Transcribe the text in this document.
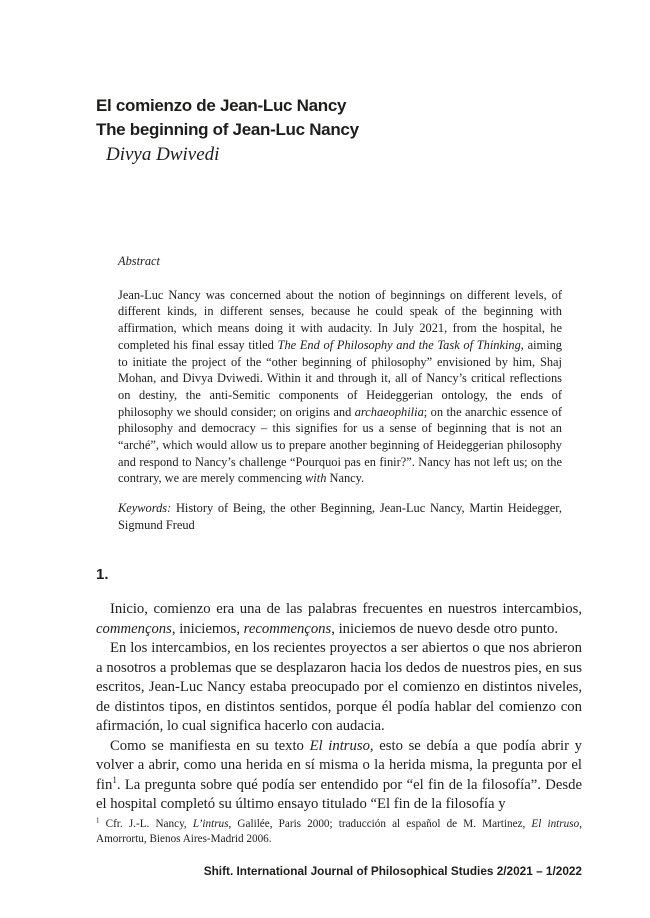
El comienzo de Jean-Luc Nancy
The beginning of Jean-Luc Nancy

Divya Dwivedi

Abstract

Jean-Luc Nancy was concerned about the notion of beginnings on different levels, of different kinds, in different senses, because he could speak of the beginning with affirmation, which means doing it with audacity. In July 2021, from the hospital, he completed his final essay titled The End of Philosophy and the Task of Thinking, aiming to initiate the project of the “other beginning of philosophy” envisioned by him, Shaj Mohan, and Divya Dviwedi. Within it and through it, all of Nancy’s critical reflections on destiny, the anti-Semitic components of Heideggerian ontology, the ends of philosophy we should consider; on origins and archaeophilia; on the anarchic essence of philosophy and democracy – this signifies for us a sense of beginning that is not an “arché”, which would allow us to prepare another beginning of Heideggerian philosophy and respond to Nancy’s challenge “Pourquoi pas en finir?”. Nancy has not left us; on the contrary, we are merely commencing with Nancy.

Keywords: History of Being, the other Beginning, Jean-Luc Nancy, Martin Heidegger, Sigmund Freud

1.

Inicio, comienzo era una de las palabras frecuentes en nuestros intercambios, commençons, iniciemos, recommençons, iniciemos de nuevo desde otro punto.

En los intercambios, en los recientes proyectos a ser abiertos o que nos abrieron a nosotros a problemas que se desplazaron hacia los dedos de nuestros pies, en sus escritos, Jean-Luc Nancy estaba preocupado por el comienzo en distintos niveles, de distintos tipos, en distintos sentidos, porque él podía hablar del comienzo con afirmación, lo cual significa hacerlo con audacia.

Como se manifiesta en su texto El intruso, esto se debía a que podía abrir y volver a abrir, como una herida en sí misma o la herida misma, la pregunta por el fin$^1$. La pregunta sobre qué podía ser entendido por “el fin de la filosofía”. Desde el hospital completó su último ensayo titulado “El fin de la filosofía y

$^1$ Cfr. J.-L. Nancy, L’intrus, Galilée, Paris 2000; traducción al español de M. Martinez, El intruso, Amorrortu, Bienos Aires-Madrid 2006.

Shift. International Journal of Philosophical Studies 2/2021 – 1/2022
